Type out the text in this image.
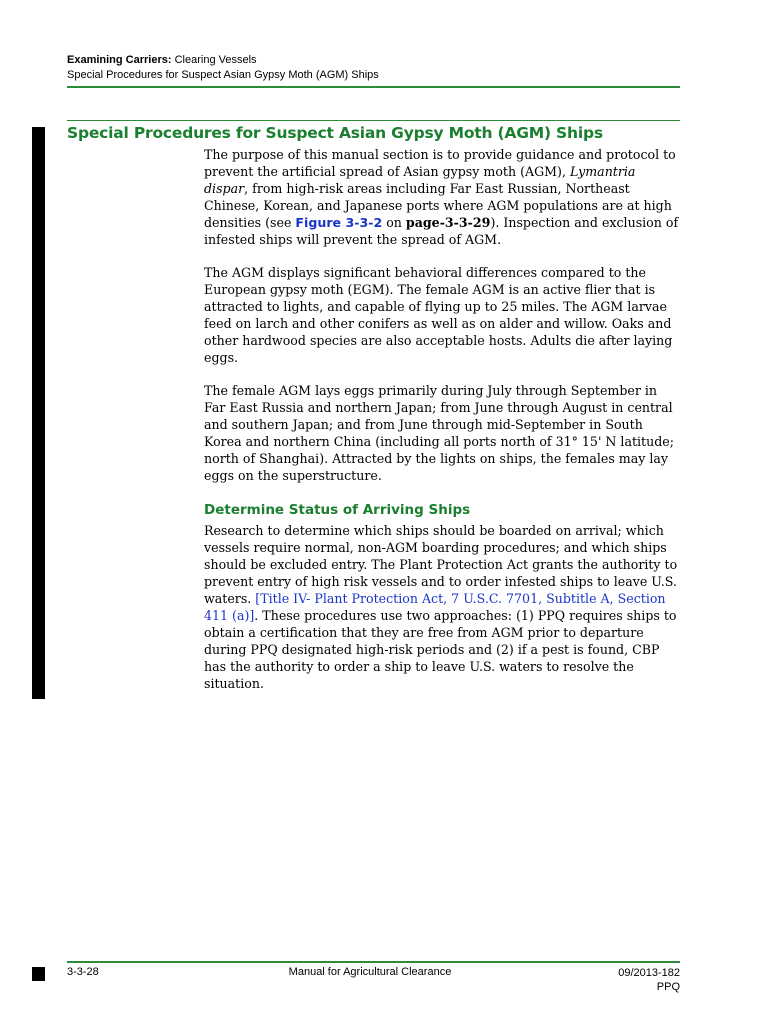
Examining Carriers: Clearing Vessels
Special Procedures for Suspect Asian Gypsy Moth (AGM) Ships
Special Procedures for Suspect Asian Gypsy Moth (AGM) Ships

The purpose of this manual section is to provide guidance and protocol to prevent the artificial spread of Asian gypsy moth (AGM), Lymantria dispar, from high-risk areas including Far East Russian, Northeast Chinese, Korean, and Japanese ports where AGM populations are at high densities (see Figure 3-3-2 on page-3-3-29). Inspection and exclusion of infested ships will prevent the spread of AGM.

The AGM displays significant behavioral differences compared to the European gypsy moth (EGM). The female AGM is an active flier that is attracted to lights, and capable of flying up to 25 miles. The AGM larvae feed on larch and other conifers as well as on alder and willow. Oaks and other hardwood species are also acceptable hosts. Adults die after laying eggs.

The female AGM lays eggs primarily during July through September in Far East Russia and northern Japan; from June through August in central and southern Japan; and from June through mid-September in South Korea and northern China (including all ports north of 31° 15' N latitude; north of Shanghai). Attracted by the lights on ships, the females may lay eggs on the superstructure.

Determine Status of Arriving Ships

Research to determine which ships should be boarded on arrival; which vessels require normal, non-AGM boarding procedures; and which ships should be excluded entry. The Plant Protection Act grants the authority to prevent entry of high risk vessels and to order infested ships to leave U.S. waters. [Title IV- Plant Protection Act, 7 U.S.C. 7701, Subtitle A, Section 411 (a)]. These procedures use two approaches: (1) PPQ requires ships to obtain a certification that they are free from AGM prior to departure during PPQ designated high-risk periods and (2) if a pest is found, CBP has the authority to order a ship to leave U.S. waters to resolve the situation.

3-3-28	Manual for Agricultural Clearance	09/2013-182
PPQ
